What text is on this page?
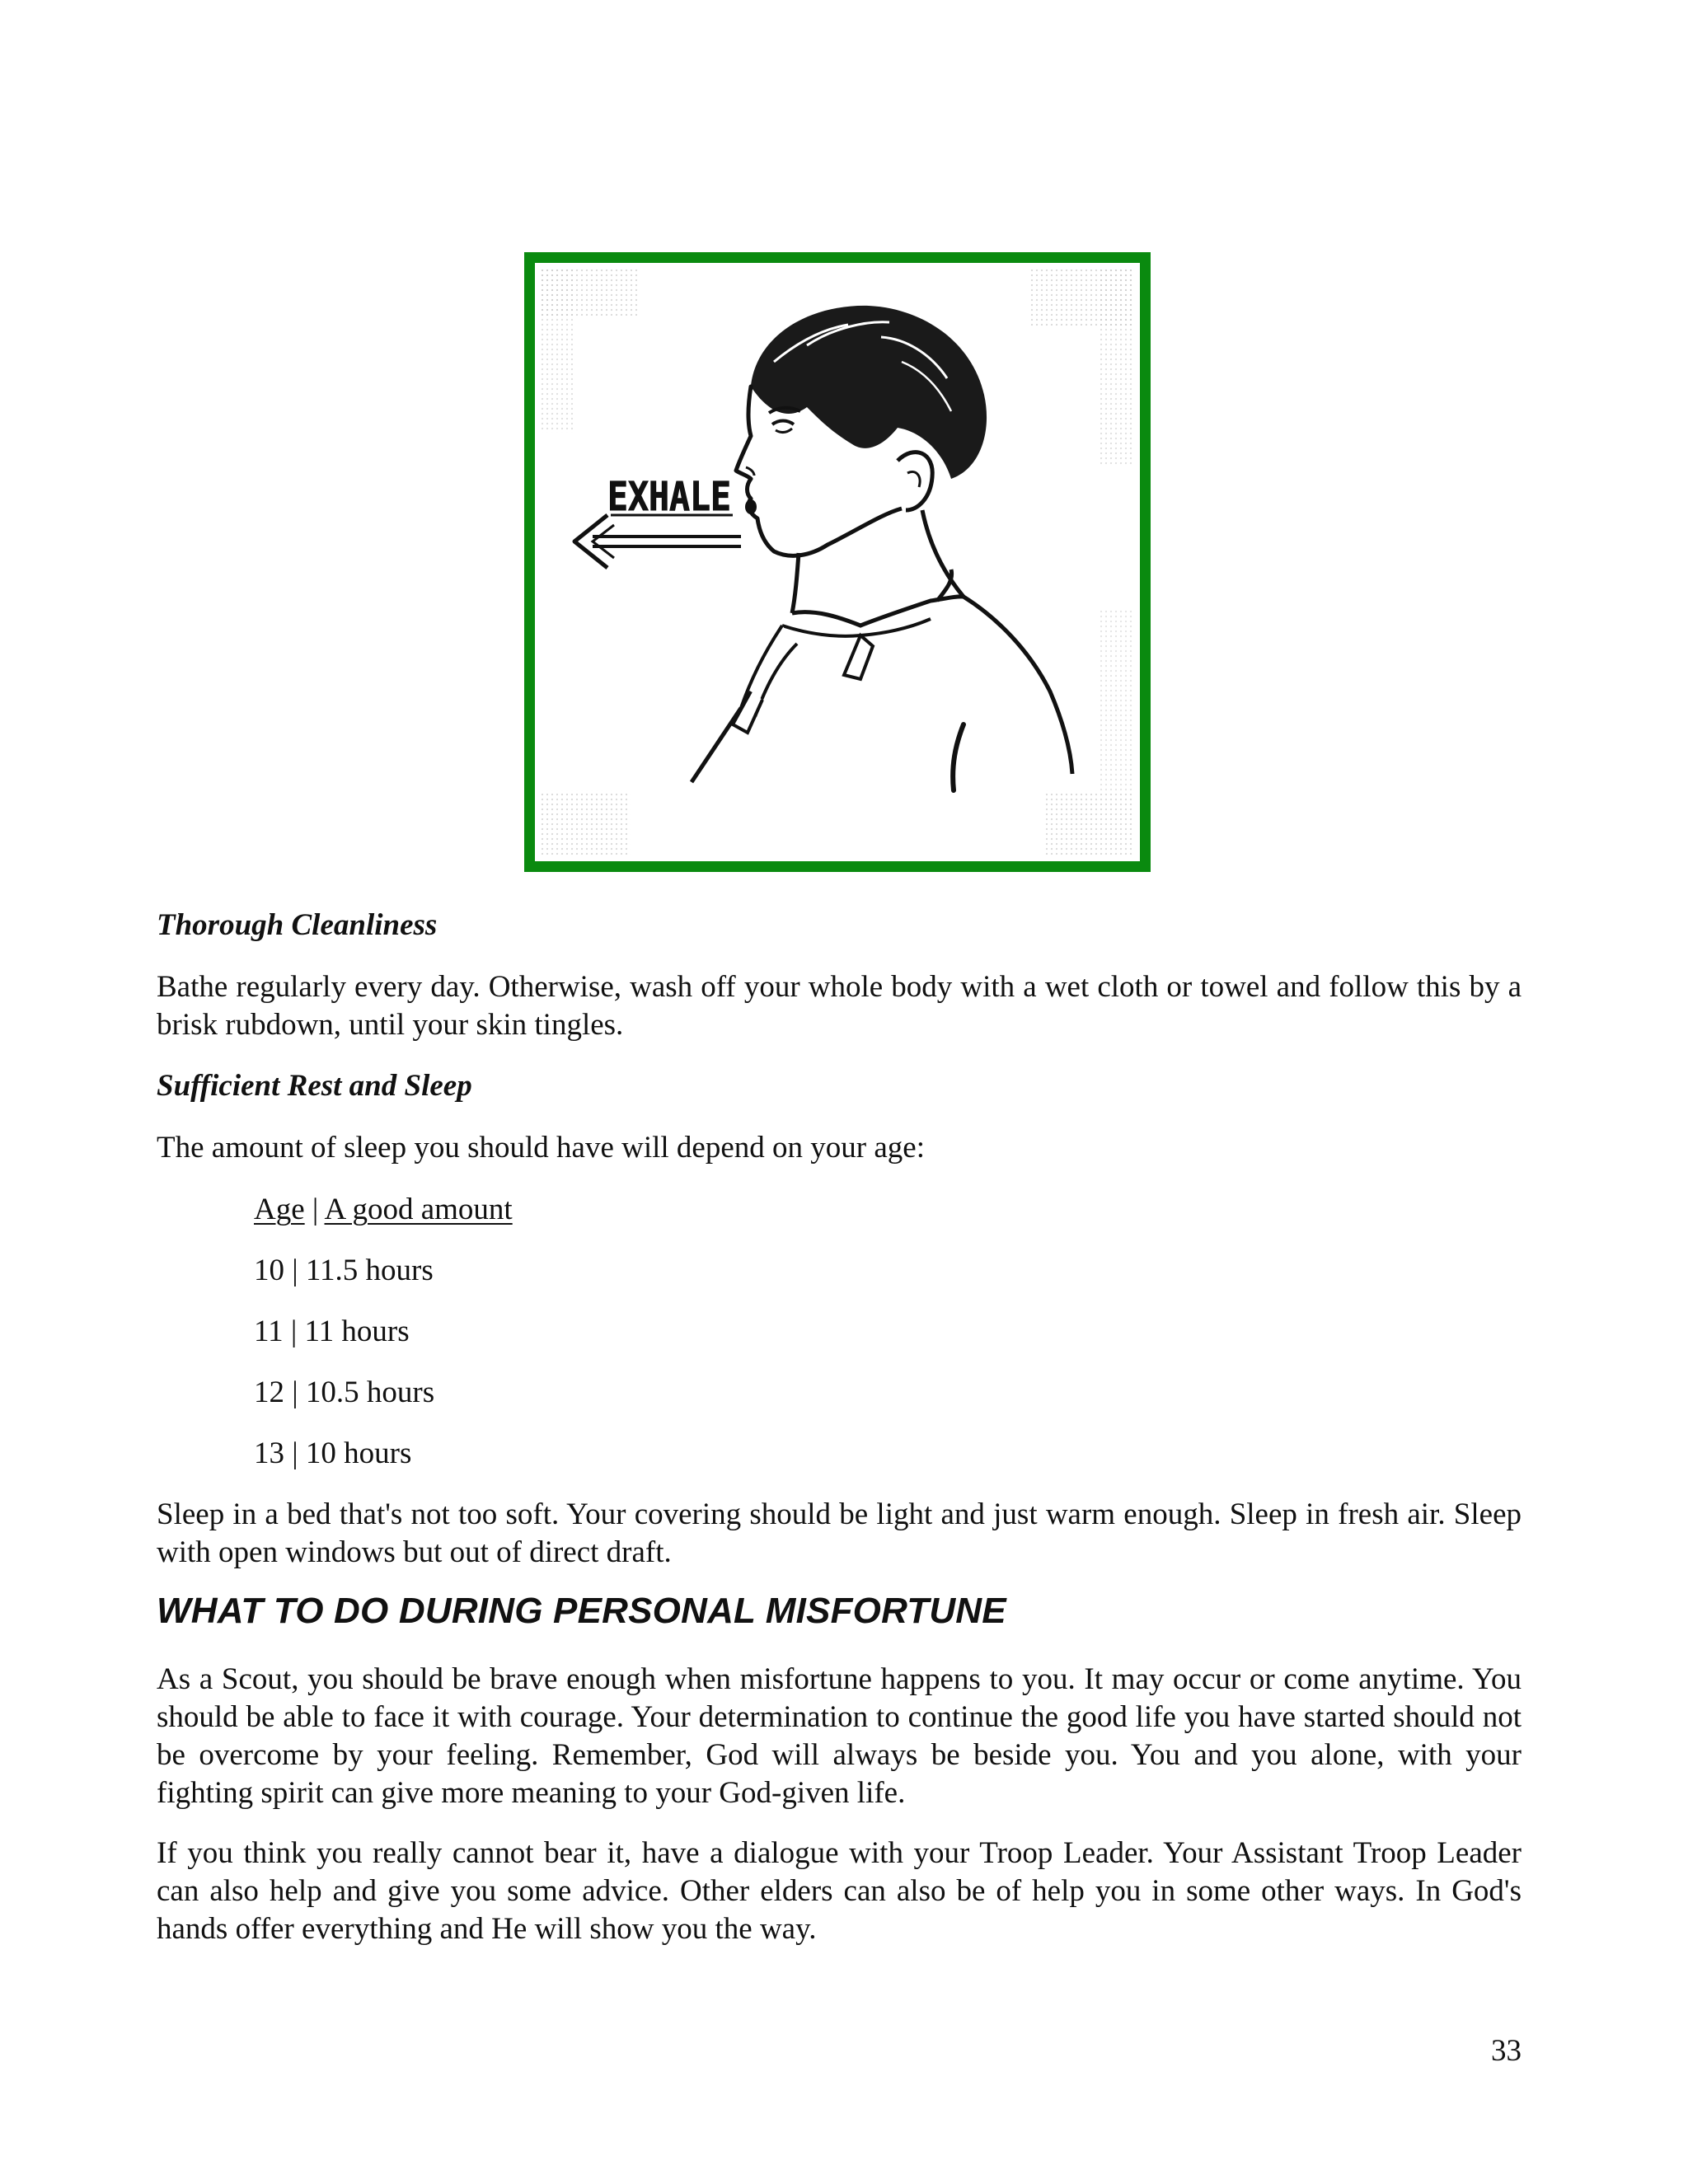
EXHALE
Thorough Cleanliness

Bathe regularly every day. Otherwise, wash off your whole body with a wet cloth or towel and follow this by a brisk rubdown, until your skin tingles.

Sufficient Rest and Sleep

The amount of sleep you should have will depend on your age:

Age | A good amount
10 | 11.5 hours
11 | 11 hours
12 | 10.5 hours
13 | 10 hours

Sleep in a bed that's not too soft. Your covering should be light and just warm enough. Sleep in fresh air. Sleep with open windows but out of direct draft.

WHAT TO DO DURING PERSONAL MISFORTUNE

As a Scout, you should be brave enough when misfortune happens to you. It may occur or come anytime. You should be able to face it with courage. Your determination to continue the good life you have started should not be overcome by your feeling. Remember, God will always be beside you. You and you alone, with your fighting spirit can give more meaning to your God-given life.

If you think you really cannot bear it, have a dialogue with your Troop Leader. Your Assistant Troop Leader can also help and give you some advice. Other elders can also be of help you in some other ways. In God's hands offer everything and He will show you the way.

33
